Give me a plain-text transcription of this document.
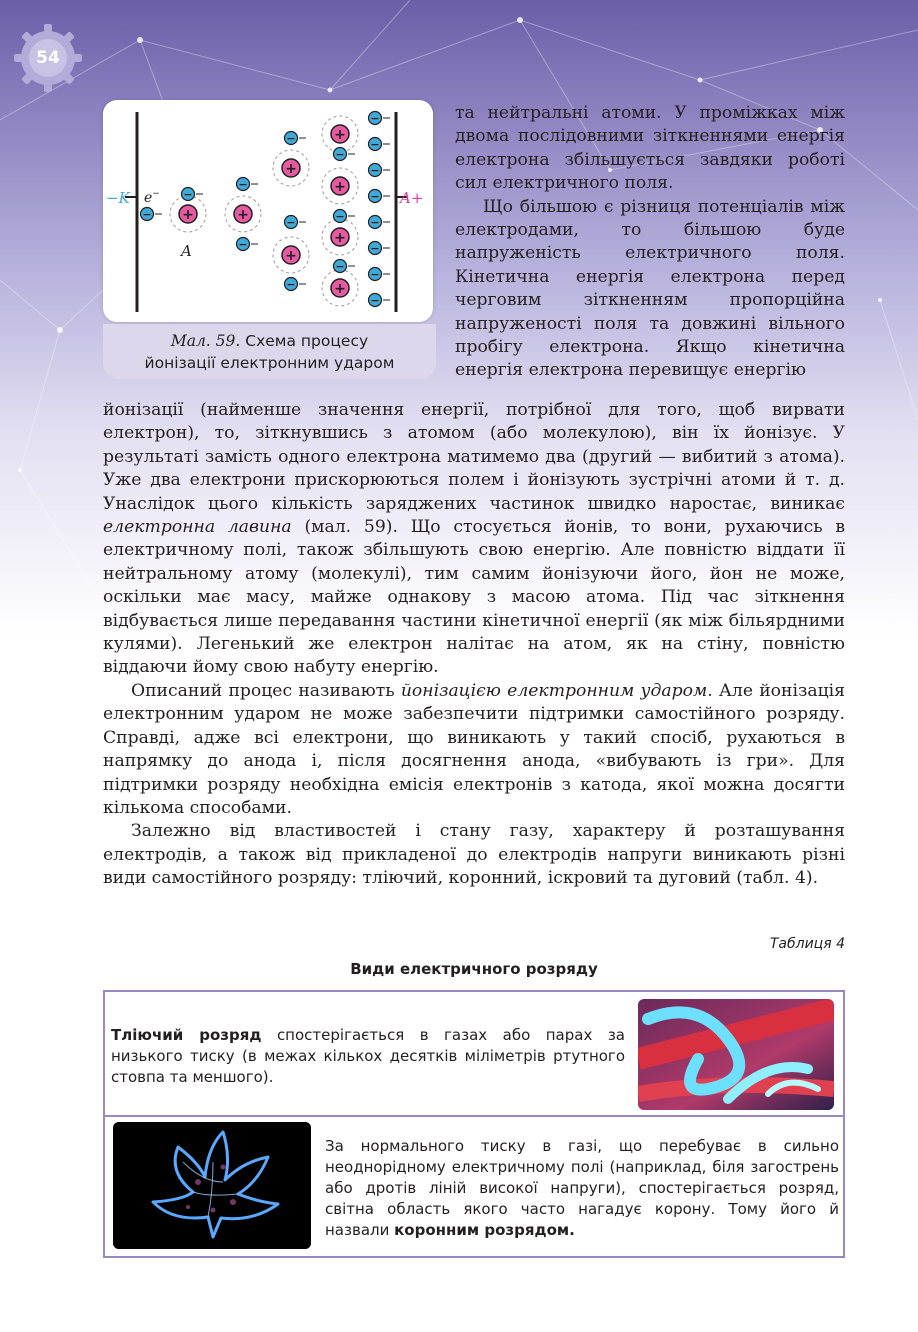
54
−K	A+
e−
A
+	+
+
+
+
+
+
+
−
−
−
−
−
−
−
−
−
−
−
−
−
−
−
−
−
−
Мал. 59. Схема процесу
йонізації електронним ударом

та нейтральні атоми. У проміжках між двома послідовними зіткненнями енергія електрона збільшується завдяки роботі сил електричного поля.

Що більшою є різниця потенціалів між електродами, то більшою буде напруженість електричного поля. Кінетична енергія електрона перед черговим зіткненням пропорційна напруженості поля та довжині вільного пробігу електрона. Якщо кінетична енергія електрона перевищує енергію

йонізації (найменше значення енергії, потрібної для того, щоб вирвати електрон), то, зіткнувшись з атомом (або молекулою), він їх йонізує. У результаті замість одного електрона матимемо два (другий — вибитий з атома). Уже два електрони прискорюються полем і йонізують зустрічні атоми й т. д. Унаслідок цього кількість заряджених частинок швидко наростає, виникає електронна лавина (мал. 59). Що стосується йонів, то вони, рухаючись в електричному полі, також збільшують свою енергію. Але повністю віддати її нейтральному атому (молекулі), тим самим йонізуючи його, йон не може, оскільки має масу, майже однакову з масою атома. Під час зіткнення відбувається лише передавання частини кінетичної енергії (як між більярдними кулями). Легенький же електрон налітає на атом, як на стіну, повністю віддаючи йому свою набуту енергію.

Описаний процес називають йонізацією електронним ударом. Але йонізація електронним ударом не може забезпечити підтримки самостійного розряду. Справді, адже всі електрони, що виникають у такий спосіб, рухаються в напрямку до анода і, після досягнення анода, «вибувають із гри». Для підтримки розряду необхідна емісія електронів з катода, якої можна досягти кількома способами.

Залежно від властивостей і стану газу, характеру й розташування електродів, а також від прикладеної до електродів напруги виникають різні види самостійного розряду: тліючий, коронний, іскровий та дуговий (табл. 4).

Таблиця 4
Види електричного розряду
Тліючий розряд спостерігається в газах або парах за низького тиску (в межах кількох десятків міліметрів ртутного стовпа та меншого).
За нормального тиску в газі, що перебуває в сильно неоднорідному електричному полі (наприклад, біля загострень або дротів ліній високої напруги), спостерігається розряд, світна область якого часто нагадує корону. Тому його й назвали коронним розрядом.
